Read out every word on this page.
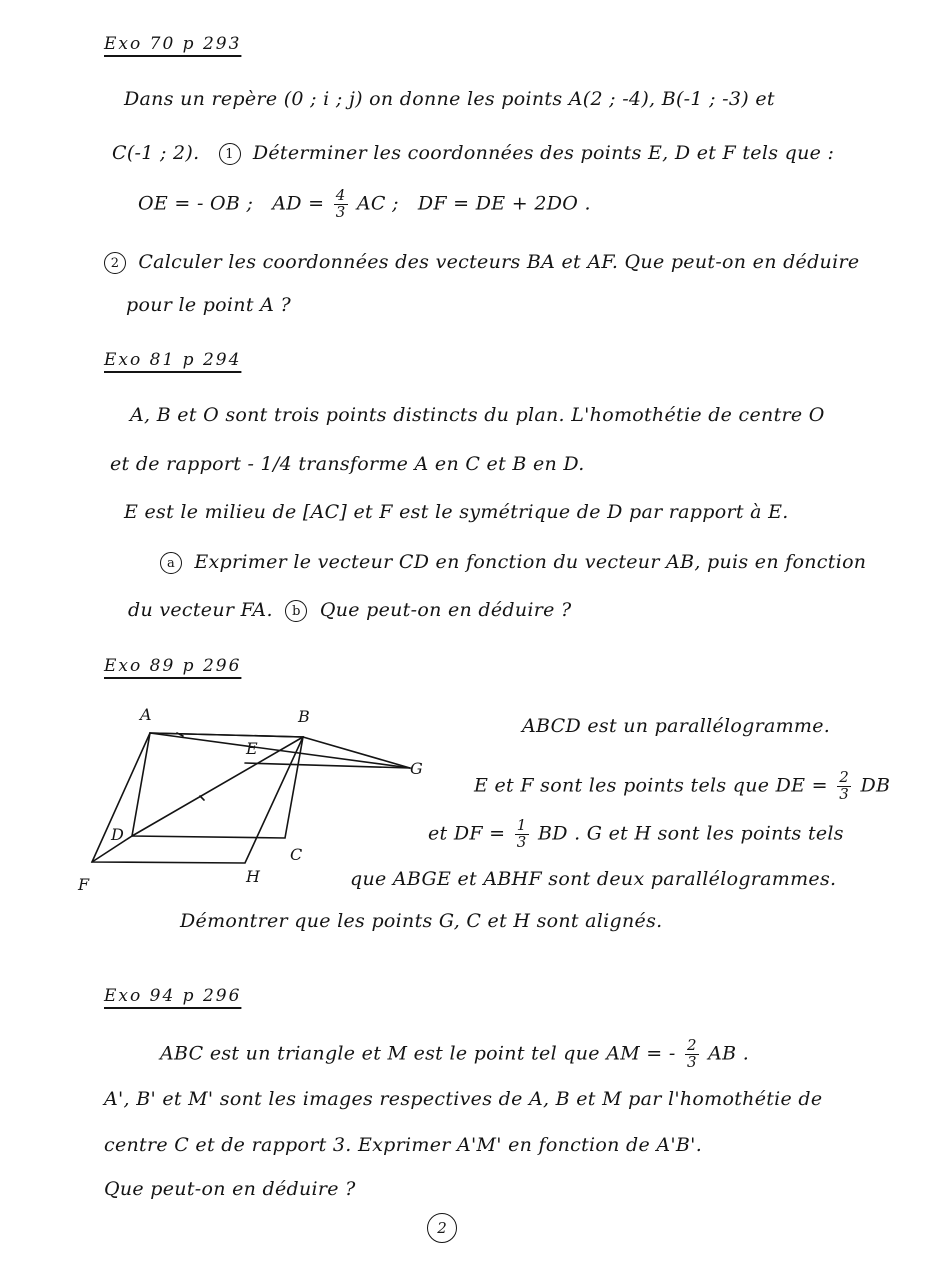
Exo 70 p 293
Dans un repère (0 ; i ; j) on donne les points A(2 ; -4), B(-1 ; -3) et
C(-1 ; 2). 1 Déterminer les coordonnées des points E, D et F tels que :
OE = - OB ; AD = $\frac{4}{3}$ AC ; DF = DE + 2DO .
2 Calculer les coordonnées des vecteurs BA et AF. Que peut-on en déduire
pour le point A ?
Exo 81 p 294
A, B et O sont trois points distincts du plan. L'homothétie de centre O
et de rapport - 1/4 transforme A en C et B en D.
E est le milieu de [AC] et F est le symétrique de D par rapport à E.
a Exprimer le vecteur CD en fonction du vecteur AB, puis en fonction
du vecteur FA. b Que peut-on en déduire ?
Exo 89 p 296
A	B
C
D
E
F
G
H
ABCD est un parallélogramme.
E et F sont les points tels que DE = $\frac{2}{3}$ DB
et DF = $\frac{1}{3}$ BD . G et H sont les points tels
que ABGE et ABHF sont deux parallélogrammes.
Démontrer que les points G, C et H sont alignés.
Exo 94 p 296
ABC est un triangle et M est le point tel que AM = - $\frac{2}{3}$ AB .
A', B' et M' sont les images respectives de A, B et M par l'homothétie de
centre C et de rapport 3. Exprimer A'M' en fonction de A'B'.
Que peut-on en déduire ?
2
